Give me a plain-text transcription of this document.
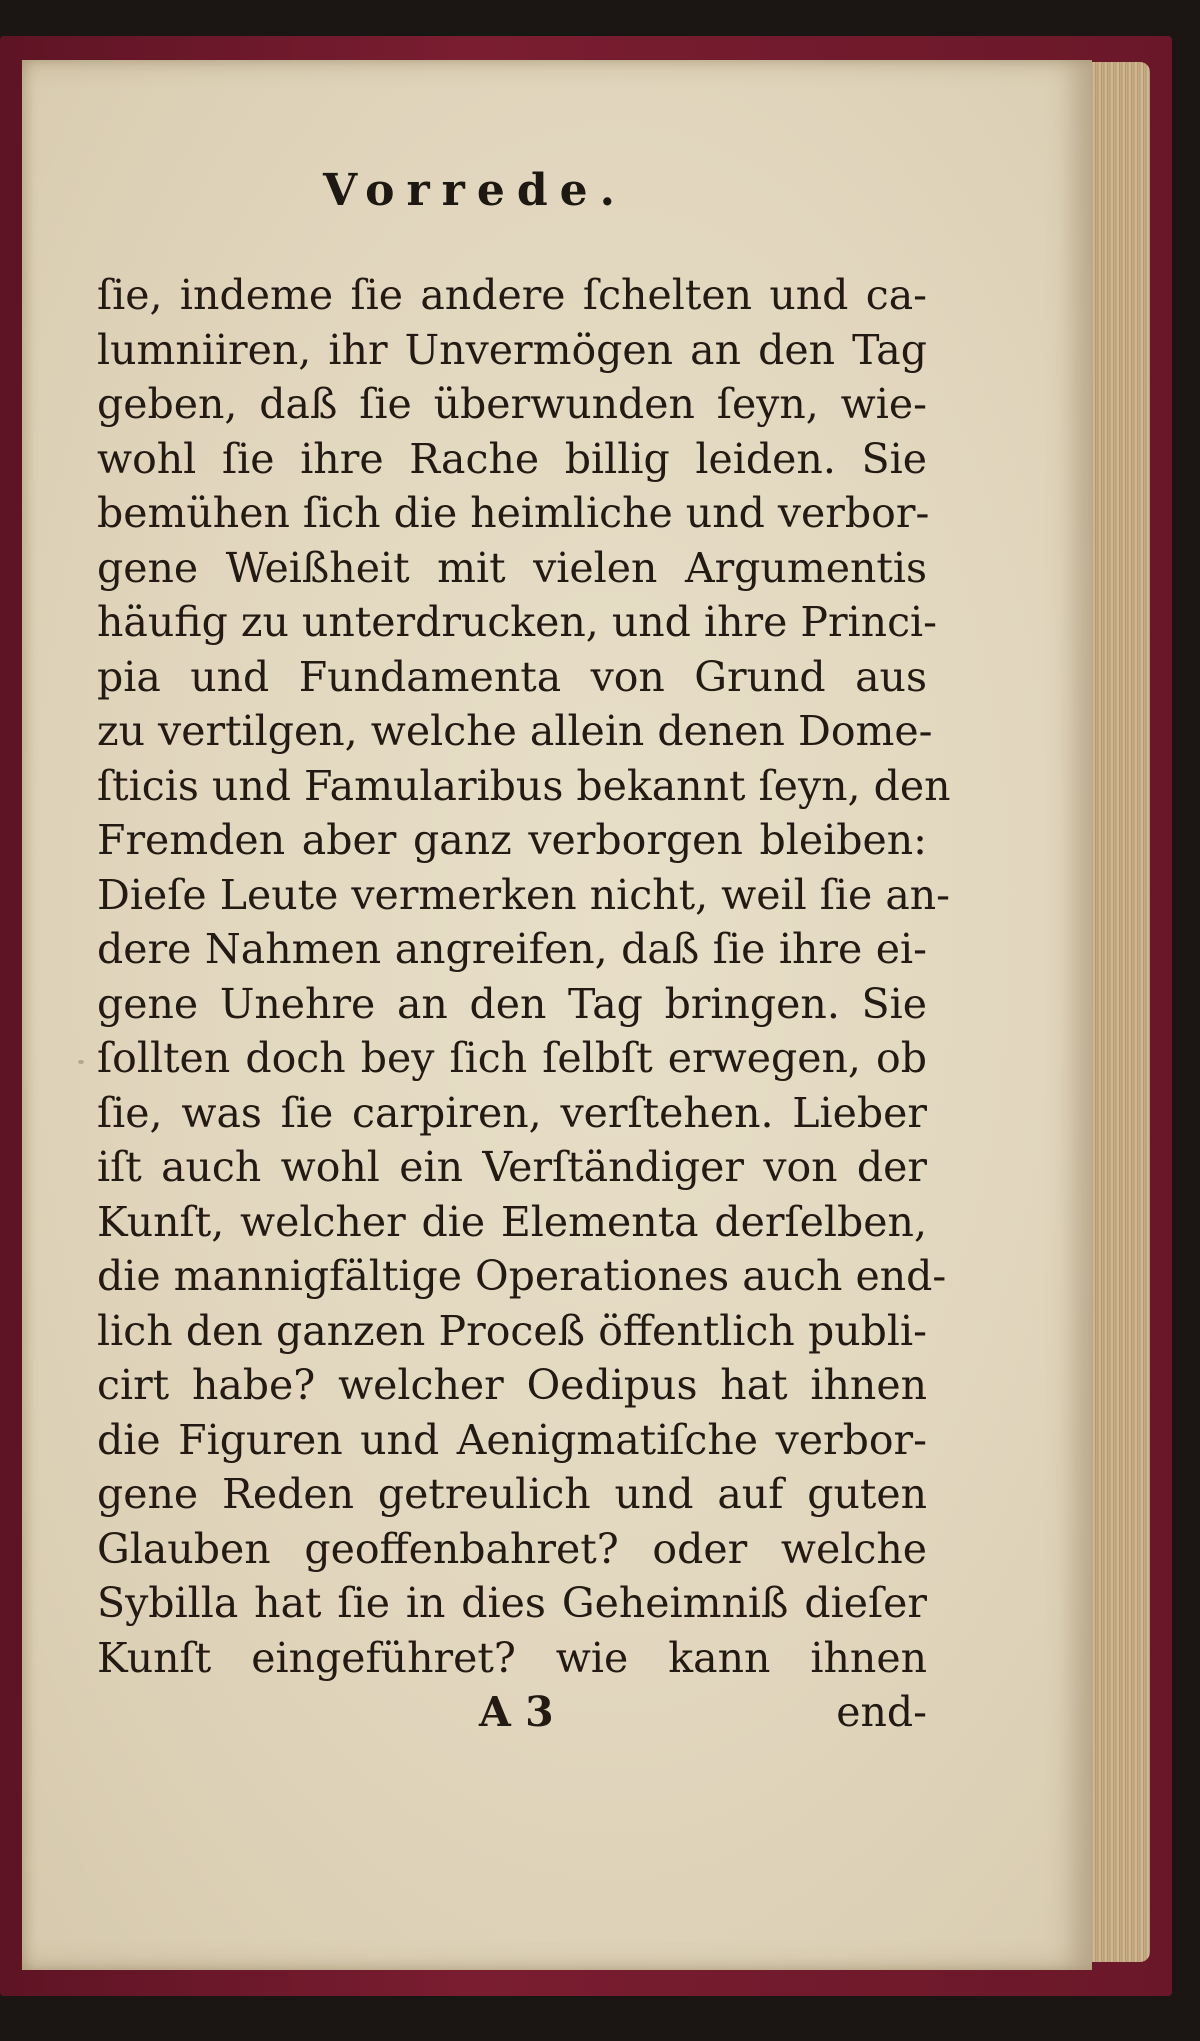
Vorrede.
ſie, indeme ſie andere ſchelten und ca-
lumniiren, ihr Unvermögen an den Tag
geben, daß ſie überwunden ſeyn, wie-
wohl ſie ihre Rache billig leiden. Sie
bemühen ſich die heimliche und verbor-
gene Weißheit mit vielen Argumentis
häufig zu unterdrucken, und ihre Princi-
pia und Fundamenta von Grund aus
zu vertilgen, welche allein denen Dome-
ſticis und Famularibus bekannt ſeyn, den
Fremden aber ganz verborgen bleiben:
Dieſe Leute vermerken nicht, weil ſie an-
dere Nahmen angreifen, daß ſie ihre ei-
gene Unehre an den Tag bringen. Sie
ſollten doch bey ſich ſelbſt erwegen, ob
ſie, was ſie carpiren, verſtehen. Lieber
iſt auch wohl ein Verſtändiger von der
Kunſt, welcher die Elementa derſelben,
die mannigfältige Operationes auch end-
lich den ganzen Proceß öffentlich publi-
cirt habe? welcher Oedipus hat ihnen
die Figuren und Aenigmatiſche verbor-
gene Reden getreulich und auf guten
Glauben geoffenbahret? oder welche
Sybilla hat ſie in dies Geheimniß dieſer
Kunſt eingeführet? wie kann ihnen
A 3	end-
